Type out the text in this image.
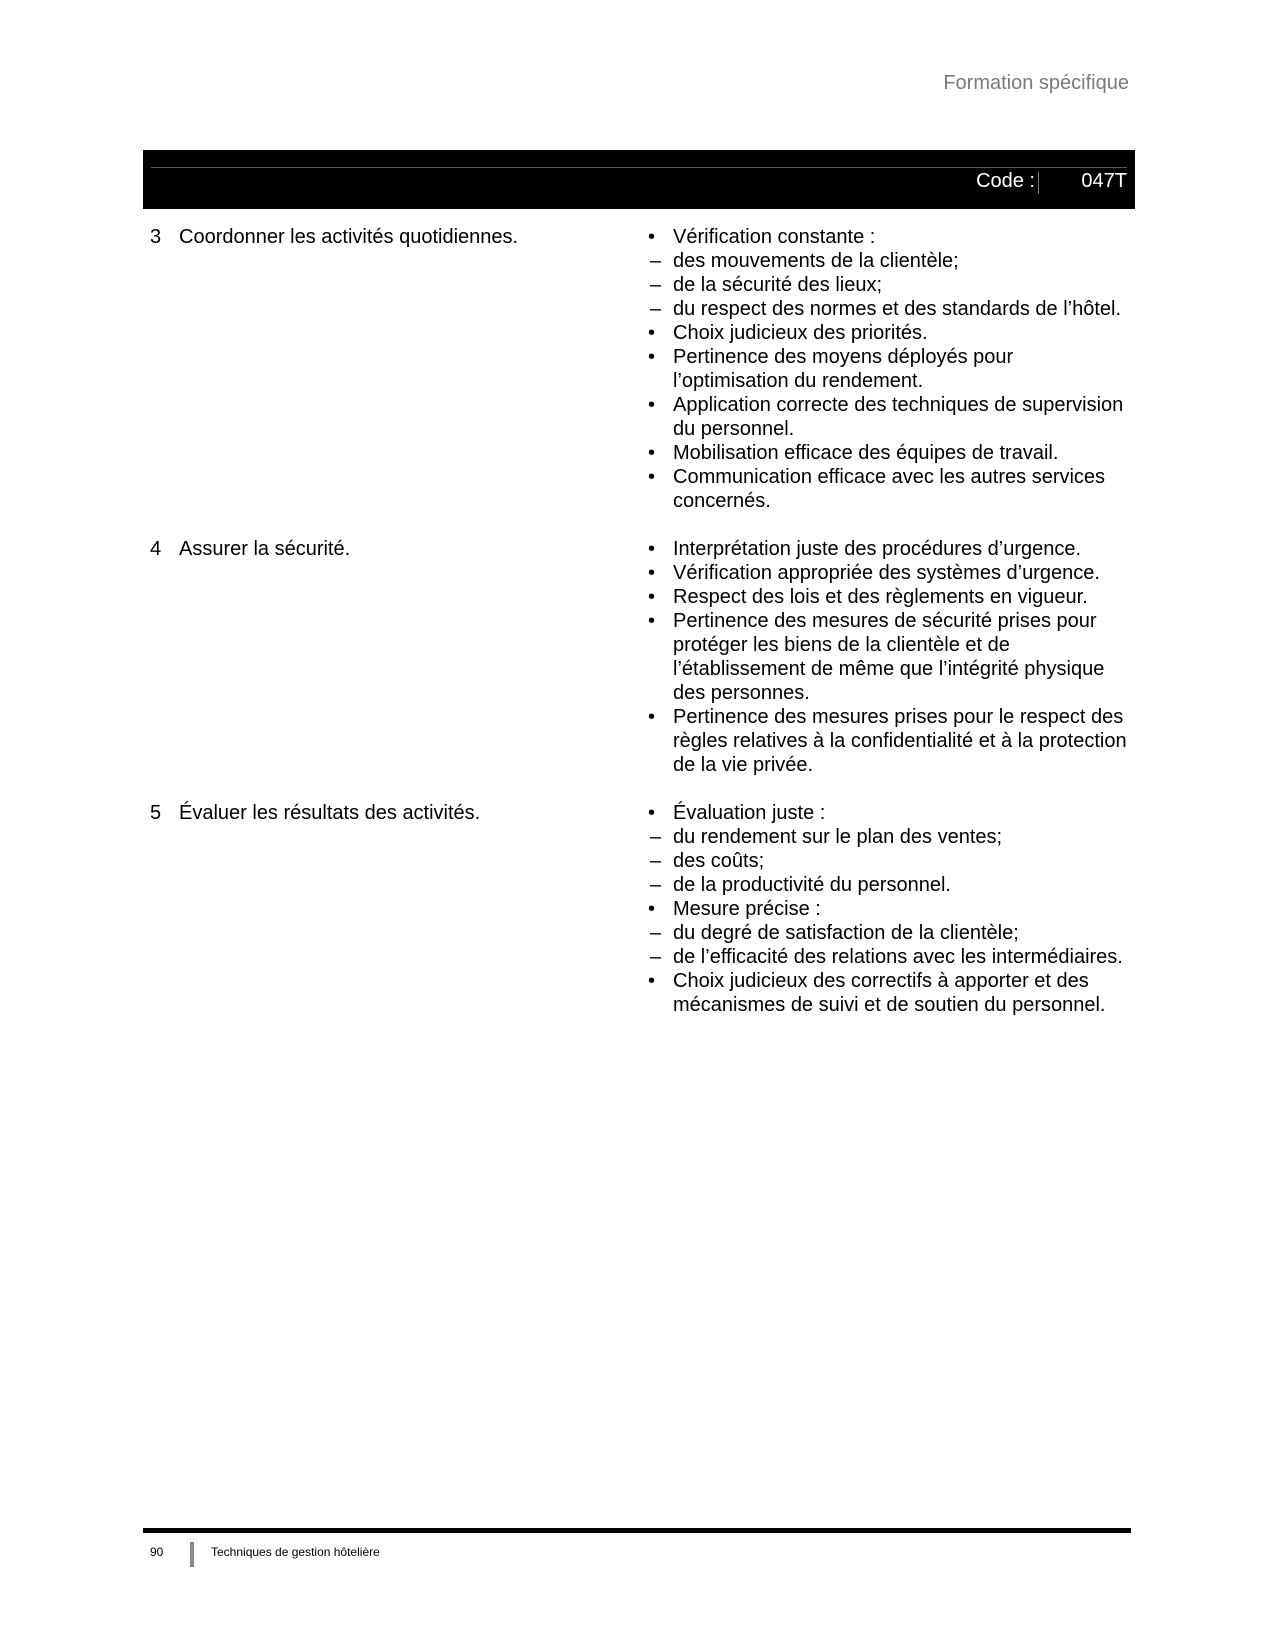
Formation spécifique
Code : 047T
3 Coordonner les activités quotidiennes.	• Vérification constante :
– des mouvements de la clientèle;
– de la sécurité des lieux;
– du respect des normes et des standards de l’hôtel.
• Choix judicieux des priorités.
• Pertinence des moyens déployés pour l’optimisation du rendement.
• Application correcte des techniques de supervision du personnel.
• Mobilisation efficace des équipes de travail.
• Communication efficace avec les autres services concernés.
4 Assurer la sécurité.	• Interprétation juste des procédures d’urgence.
• Vérification appropriée des systèmes d’urgence.
• Respect des lois et des règlements en vigueur.
• Pertinence des mesures de sécurité prises pour protéger les biens de la clientèle et de l’établissement de même que l’intégrité physique des personnes.
• Pertinence des mesures prises pour le respect des règles relatives à la confidentialité et à la protection de la vie privée.
5 Évaluer les résultats des activités.	• Évaluation juste :
– du rendement sur le plan des ventes;
– des coûts;
– de la productivité du personnel.
• Mesure précise :
– du degré de satisfaction de la clientèle;
– de l’efficacité des relations avec les intermédiaires.
• Choix judicieux des correctifs à apporter et des mécanismes de suivi et de soutien du personnel.
90	Techniques de gestion hôtelière
